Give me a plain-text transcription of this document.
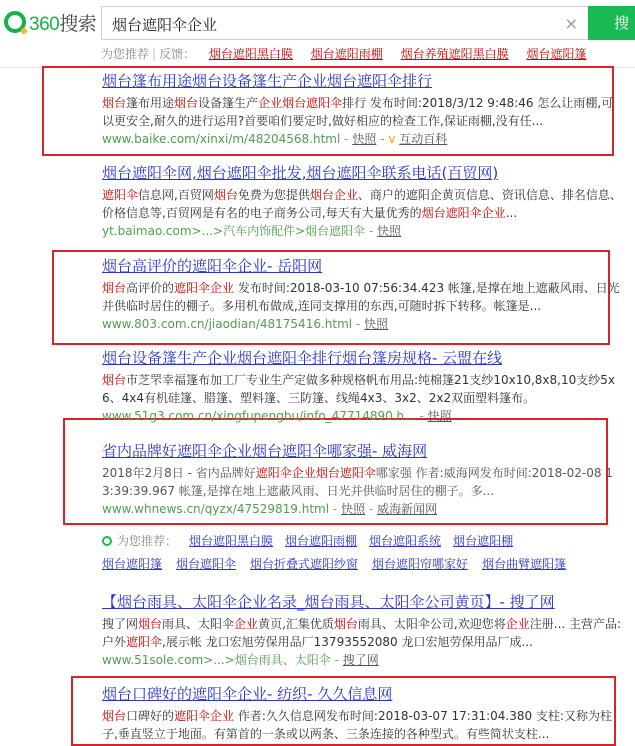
360搜索
烟台遮阳伞企业	×	搜
为您推荐 | 反馈： 烟台遮阳黑白膜 烟台遮阳雨棚 烟台养殖遮阳黑白膜 烟台遮阳篷
烟台篷布用途烟台设备篷生产企业烟台遮阳伞排行
烟台篷布用途烟台设备篷生产企业烟台遮阳伞排行 发布时间:2018/3/12 9:48:46 怎么让雨棚,可以更安全,耐久的进行运用?首要咱们要定时,做好相应的检查工作,保证雨棚,没有任...
www.baike.com/xinxi/m/48204568.html - 快照 - v 互动百科
烟台遮阳伞网,烟台遮阳伞批发,烟台遮阳伞联系电话(百贸网)
遮阳伞信息网,百贸网烟台免费为您提供烟台企业、商户的遮阳企黄页信息、资讯信息、排名信息、价格信息等,百贸网是有名的电子商务公司,每天有大量优秀的烟台遮阳伞企业...
yt.baimao.com>...>汽车内饰配件>烟台遮阳伞 - 快照
烟台高评价的遮阳伞企业- 岳阳网
烟台高评价的遮阳伞企业 发布时间:2018-03-10 07:56:34.423 帐篷,是撑在地上遮蔽风雨、日光并供临时居住的棚子。多用机布做成,连同支撑用的东西,可随时拆下转移。帐篷是...
www.803.com.cn/jiaodian/48175416.html - 快照
烟台设备篷生产企业烟台遮阳伞排行烟台篷房规格- 云盟在线
烟台市芝罘幸福篷布加工厂专业生产定做多种规格帆布用品:纯棉篷21支纱10x10,8x8,10支纱5x6、4x4有机硅篷、腊篷、塑料篷、三防篷、线绳4x3、3x2、2x2双面塑料篷布。
www.51g3.com.cn/xingfupengbu/info_47714890.h... - 快照
省内品牌好遮阳伞企业烟台遮阳伞哪家强- 威海网
2018年2月8日 - 省内品牌好遮阳伞企业烟台遮阳伞哪家强 作者:威海网发布时间:2018-02-08 13:39:39.967 帐篷,是撑在地上遮蔽风雨、日光并供临时居住的棚子。多...
www.whnews.cn/qyzx/47529819.html - 快照 - 威海新闻网
为您推荐： 烟台遮阳黑白膜 烟台遮阳雨棚 烟台遮阳系统 烟台遮阳棚
烟台遮阳篷 烟台遮阳伞 烟台折叠式遮阳纱窗 烟台遮阳帘哪家好 烟台曲臂遮阳篷
【烟台雨具、太阳伞企业名录_烟台雨具、太阳伞公司黄页】- 搜了网
搜了网烟台雨具、太阳伞企业黄页,汇集优质烟台雨具、太阳伞公司,欢迎您将企业注册... 主营产品:户外遮阳伞,展示帐 龙口宏旭劳保用品厂13793552080 龙口宏旭劳保用品厂成...
www.51sole.com>...>烟台雨具、太阳伞 - 搜了网
烟台口碑好的遮阳伞企业- 纺织- 久久信息网
烟台口碑好的遮阳伞企业 作者:久久信息网发布时间:2018-03-07 17:31:04.380 支柱:又称为柱子,垂直竖立于地面。有第首的一条或以两条、三条连接的各种型式。有些简状支柱...
